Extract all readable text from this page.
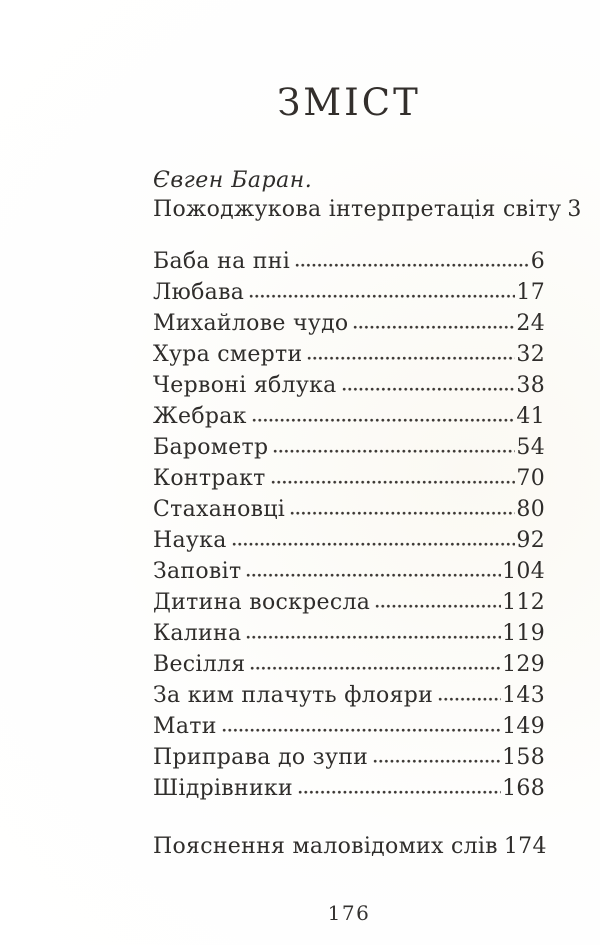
ЗМІСТ
Євген Баран.
Пожоджукова інтерпретація світу 3
Баба на пні	6
Любава	17
Михайлове чудо	24
Хура смерти	32
Червоні яблука	38
Жебрак	41
Барометр	54
Контракт	70
Стахановці	80
Наука	92
Заповіт	104
Дитина воскресла	112
Калина	119
Весілля	129
За ким плачуть флояри	143
Мати	149
Приправа до зупи	158
Шідрівники	168
Пояснення маловідомих слів 174
176
